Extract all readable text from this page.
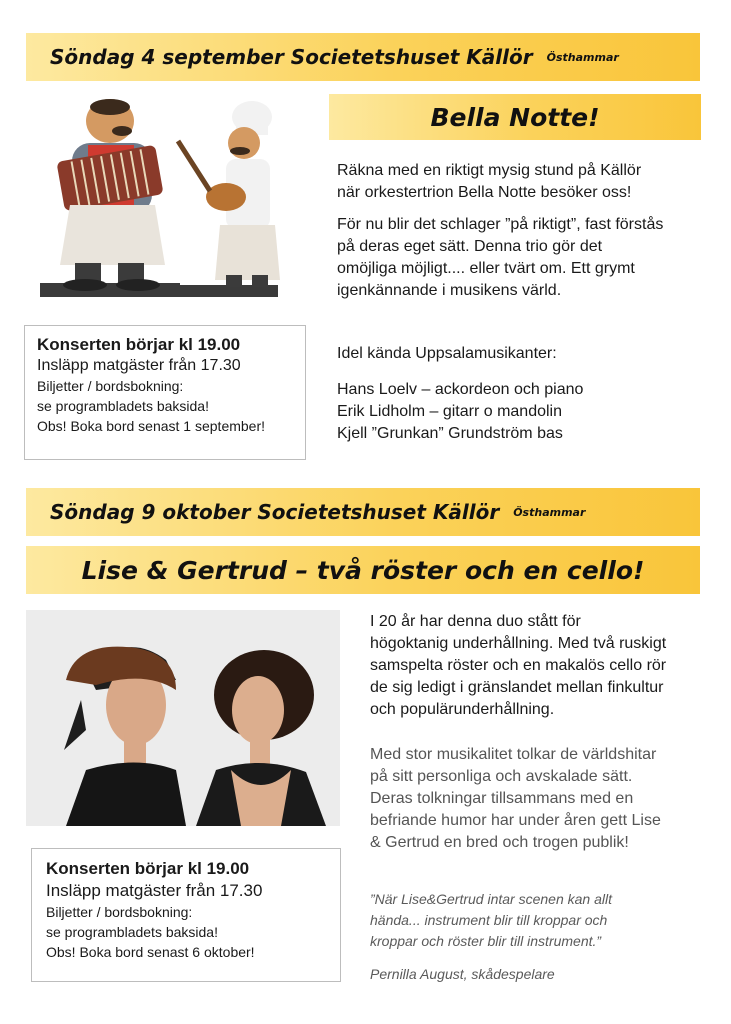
Söndag 4 september Societetshuset Källör Östhammar
Bella Notte!

Räkna med en riktigt mysig stund på Källör
när orkestertrion Bella Notte besöker oss!

För nu blir det schlager ”på riktigt”, fast förstås
på deras eget sätt. Denna trio gör det
omöjliga möjligt.... eller tvärt om. Ett grymt
igenkännande i musikens värld.

Idel kända Uppsalamusikanter:

Hans Loelv – ackordeon och piano
Erik Lidholm – gitarr o mandolin
Kjell ”Grunkan” Grundström bas
Konserten börjar kl 19.00
Insläpp matgäster från 17.30
Biljetter / bordsbokning:
se programbladets baksida!
Obs! Boka bord senast 1 september!
Söndag 9 oktober Societetshuset Källör Östhammar
Lise & Gertrud – två röster och en cello!
I 20 år har denna duo stått för
högoktanig underhållning. Med två ruskigt
samspelta röster och en makalös cello rör
de sig ledigt i gränslandet mellan finkultur
och populärunderhållning.
Med stor musikalitet tolkar de världshitar
på sitt personliga och avskalade sätt.
Deras tolkningar tillsammans med en
befriande humor har under åren gett Lise
& Gertrud en bred och trogen publik!
”När Lise&Gertrud intar scenen kan allt
hända... instrument blir till kroppar och
kroppar och röster blir till instrument.”
Pernilla August, skådespelare
Konserten börjar kl 19.00
Insläpp matgäster från 17.30
Biljetter / bordsbokning:
se programbladets baksida!
Obs! Boka bord senast 6 oktober!
